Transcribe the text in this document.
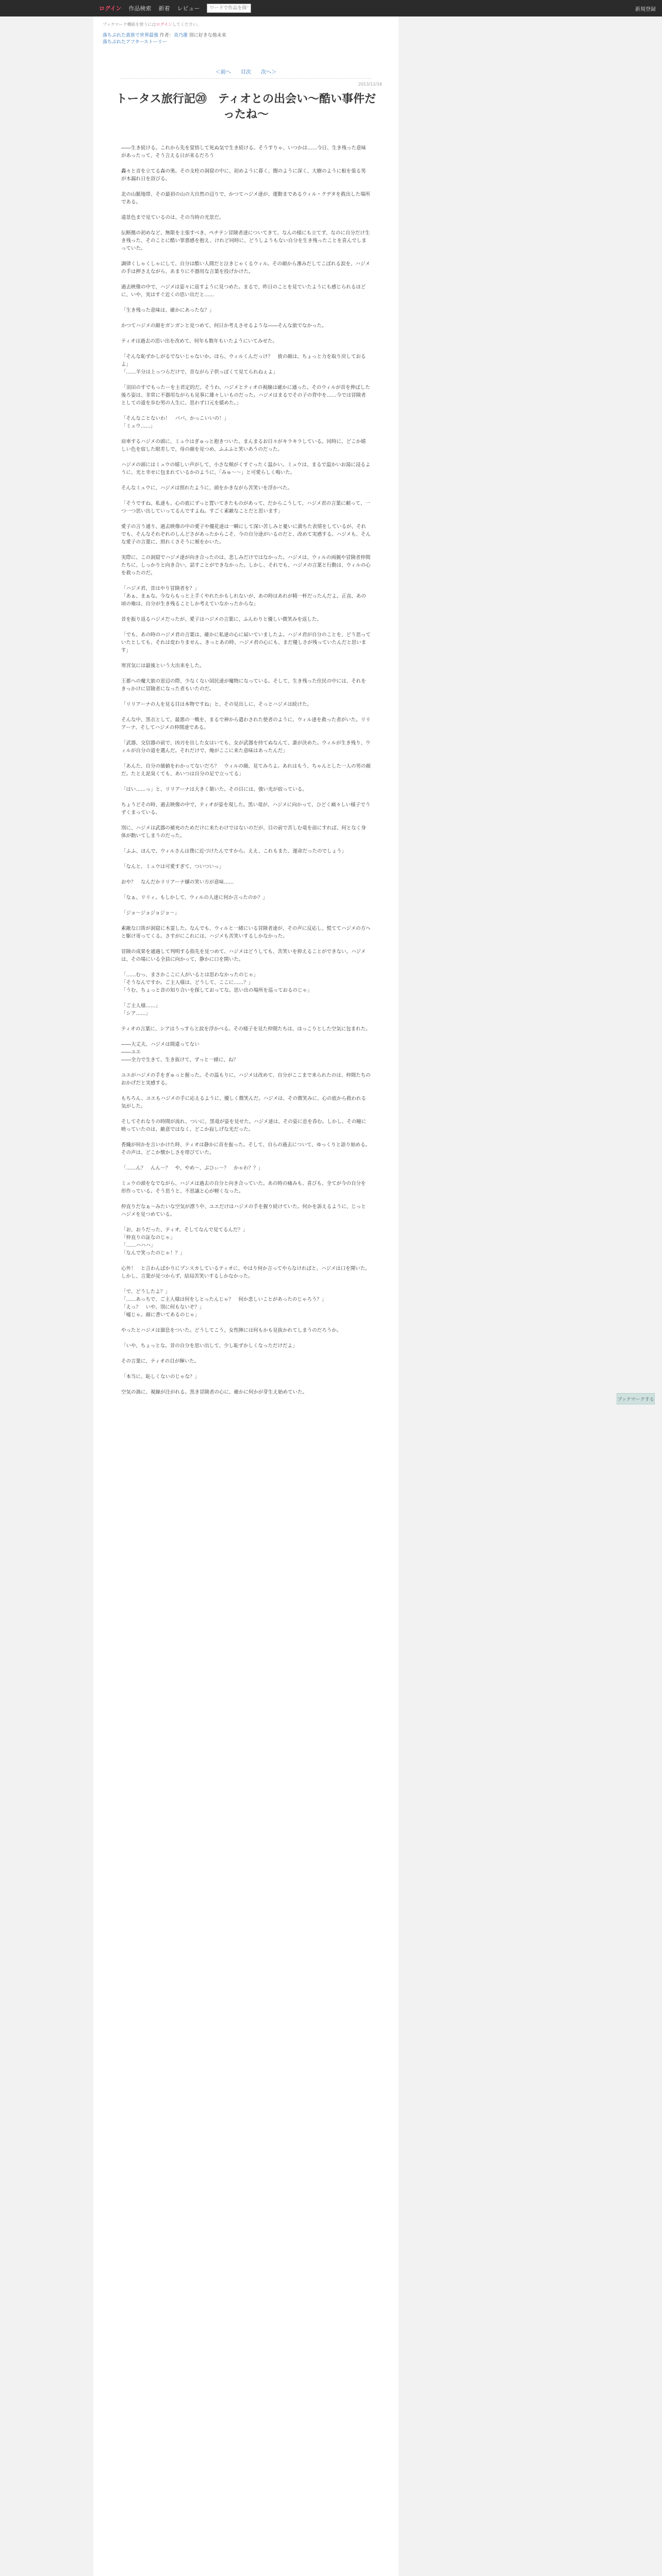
ログイン 作品検索 新着 レビュー
ワードで作品を探す	新規登録
ブックマーク機能を使うにはログインしてください。
落ちぶれた貴族で世界最強 作者：炎乃蓮 別に好きな他未来
落ちぶれたアフターストーリー
＜前へ 目次 次へ＞
2013/12/16
トータス旅行記⑳　ティオとの出会い～酷い事件だったね～

――生き続ける。これから先を覚悟して死ぬ気で生き続ける。そうすりゃ、いつかは……今日、生き残った意味があったって、そう言える日が来るだろう

轟々と音を立てる森の奥。その支柱の洞窟の中に、初めように暮く、闇のように深く、大樹のように根を張る男が木漏れ日を浴びる。

北の山脈地帯、その最初の山の大自然の辺りで、かつてハジメ達が、運動まであるウィル・クデタを救出した場所である。

遠景色まで見ているのは、その当時の光景だ。

伝断拠の初めなど、無限を主張すべき、ペチテン冒険者達についてきて、なんの様にも立てず、なのに自分だけ生き残った、そのことに酷い罪悪感を抱え、けれど同時に、どうしようもない自分を生き残ったことを喜んでしまっていた。

調律くしゃくしゃにして、自分は酷い人間だと泣きじゃくるウィル。その顔から滲みだしてこぼれる涙を、ハジメの手は押さえながら、あまりに不器用な言葉を投げかけた。

過去映像の中で、ハジメは姿々に返すように見つめた。まるで、昨日のことを見ていたようにも感じられるほどに、いや、実はすぐ近くの思い出だと……

「生き残った意味は、確かにあったな？」

かつてハジメの顔をガンガンと見つめて、何日か考えさせるような――そんな旅でなかった。

ティオは過去の思い出を改めて、何年も数年もいたようにいてみせた。

「そんな恥ずかしがるでないじゃないか。ほら、ウィルくんだっけ？　彼の顔は、ちょっと力を取り戻しておるよ」
「……羊分は上っつらだけで、昔ながら子供っぽくて見てられねぇよ」

「羽田のすでもったーを主君定的だ。そうわ、ハジメとティオの視線は確かに通った。そのウィルが首を伸ばした後ろ姿は、非常に不器用ながらも見事に雄々しいものだった。ハジメはまるでその子の背中を……今では冒険者としての道を歩む男の人生に、思わず口元を緩めた。」

「そんなことないわ！　パパ、かっこいいの！」
「ミュウ……」

肩車するハジメの頭に、ミュウはぎゅっと抱きついた。まんまるお目々がキラキラしている。同時に、どこか嬉しい色を宿した眼差しで、母の顔を見つめ、ふふふと笑いあうのだった。

ハジメの頭にはミュウの嬉しい声がして、小さな頬がくすぐったく温かい。ミュウは、まるで温かいお湯に浸るように、光と幸せに包まれているかのように、「みゅ～～」と可愛らしく鳴いた。

そんなミュウに、ハジメは照れたように、頭をかきながら苦笑いを浮かべた。

「そうですね、私達も、心の底にずっと置いてきたものがあって、だからこうして、ハジメ君の言葉に頼って、一つ一つ思い出していってるんですよね。すごく素敵なことだと思います」

愛子の言う通り、過去映像の中の愛子や優花達は一瞬にして深い苦しみと憂いに満ちた表情をしているが、それでも、そんなそれぞれのしんどさがあったからこそ、今の自分達がいるのだと、改めて実感する。ハジメも、そんな愛子の言葉に、照れくさそうに頬をかいた。

実際に、この洞窟でハジメ達が向き合ったのは、悲しみだけではなかった。ハジメは、ウィルの両親や冒険者仲間たちに、しっかりと向き合い、話すことができなかった。しかし、それでも、ハジメの言葉と行動は、ウィルの心を救ったのだ。

「ハジメ君、昔はやり冒険者を？」
「あぁ、まぁな。今ならもっと上手くやれたかもしれないが、あの時はあれが精一杯だったんだよ。正直、あの頃の俺は、自分が生き残ることしか考えていなかったからな」

昔を振り返るハジメだったが、愛子はハジメの言葉に、ふんわりと優しい微笑みを返した。

「でも、あの時のハジメ君の言葉は、確かに私達の心に届いていましたよ。ハジメ君が自分のことを、どう思っていたとしても、それは変わりません。きっとあの時、ハジメ君の心にも、まだ優しさが残っていたんだと思います」

寒宮気には最後という大出来をした。

王都への魔大旅の窓辺の際、少なくない国民達が魔物になっている。そして、生き残った住民の中には、それをきっかけに冒険者になった者もいたのだ。

「リリアーナの人を見る目は本物ですね」と、その見出しに、そっとハジメは続けた。

そんな中、黒衣として、最悪の一戦を、まるで神から遣わされた使者のように、ウィル達を救った者がいた。リリアーナ、そしてハジメの仲間達である。

「武器、交信器の前で、凶刃を出した女はいても、女が武器を持てぬなんて、誰が決めた。ウィルが生き残り、ウィルが自分の道を選んだ。それだけで、俺がここに来た意味はあったんだ」

「あんた、自分の価値をわかってないだろ？　ウィルの顔、見てみろよ。あれはもう、ちゃんとした一人の男の顔だ。たとえ泥臭くても、あいつは自分の足で立ってる」

「はい……っ」と、リリアーナは大きく頷いた。その目には、強い光が宿っている。

ちょうどその時、過去映像の中で、ティオが姿を現した。黒い竜が、ハジメに向かって、ひどく痛々しい様子でうずくまっている。

別に、ハジメは武器の補充のためだけに来たわけではないのだが、目の前で苦しむ竜を前にすれば、何となく身体が動いてしまうのだった。

「ふふ、ほんで、ウィルさんは僕に近づけたんですから。ええ、これもまた、運命だったのでしょう」

「なんと、ミュウは可愛すぎて、ついついっ」

おや？　なんだかリリアーナ嬢の笑い方が意味……

「なぁ、リリィ。もしかして、ウィルの人達に何か言ったのか？」

「ジョ～ジョジョジョ～」

素敵な口笛が洞窟に木霊した。なんでも、ウィルと一緒にいる冒険者達が、その声に反応し、慌ててハジメの方へと駆け寄ってくる。さすがにこれには、ハジメも苦笑いするしかなかった。

冒険の成果を通過して判明する指先を見つめて、ハジメはどうしても、苦笑いを抑えることができない。ハジメは、その場にいる全員に向かって、静かに口を開いた。

「……むっ、まさかここに人がいるとは思わなかったのじゃ」
「そうなんですか。ご主人様は、どうして、ここに……？」
「うむ、ちょっと昔の知り合いを探しておってな。思い出の場所を巡っておるのじゃ」

「ご主人様……」
「シア……」

ティオの言葉に、シアはうっすらと涙を浮かべる。その様子を見た仲間たちは、ほっこりとした空気に包まれた。

――大丈夫、ハジメは間違ってない
――ユエ
――全力で生きて、生き抜けて、ずっと一緒に、ね？

ユエがハジメの手をぎゅっと握った。その温もりに、ハジメは改めて、自分がここまで来られたのは、仲間たちのおかげだと実感する。

もちろん、ユエもハジメの手に応えるように、優しく微笑んだ。ハジメは、その微笑みに、心の底から救われる気がした。

そしてそれなりの時間が流れ、ついに、黒竜が姿を見せた。ハジメ達は、その姿に息を呑む。しかし、その瞳に映っていたのは、敵意ではなく、どこか寂しげな光だった。

香織が何かを言いかけた時、ティオは静かに首を振った。そして、自らの過去について、ゆっくりと語り始める。その声は、どこか懐かしさを帯びていた。

「……ん？　んん～？　や、やめ～、ぶひぃ～？　かゃわ？？」

ミュウの頭をなでながら、ハジメは過去の自分と向き合っていた。あの時の痛みも、喜びも、全てが今の自分を形作っている。そう思うと、不思議と心が軽くなった。

仲直りだなぁ～みたいな空気が漂う中、ユエだけはハジメの手を握り続けていた。何かを訴えるように、じっとハジメを見つめている。

「お、おうだった、ティオ、そしてなんで見てるんだ？」
「仲直りの証なのじゃ」
「……ハハハ」
「なんで笑ったのじゃ！？」

心外！　と言わんばかりにプンスカしているティオに、やはり何か言ってやらなければと、ハジメは口を開いた。しかし、言葉が見つからず、結局苦笑いするしかなかった。

「で、どうしたよ？」
「……あっちで、ご主人様は何をしとったんじゃ？　何か悲しいことがあったのじゃろう？」
「えっ？　いや、別に何もないぞ？」
「嘘じゃ。顔に書いてあるのじゃ」

やったとハジメは溜息をついた。どうしてこう、女性陣には何もかも見抜かれてしまうのだろうか。

「いや、ちょっとな。昔の自分を思い出して、少し恥ずかしくなっただけだよ」

その言葉に、ティオの目が輝いた。

「本当に、恥しくないのじゃな？」

空気の渦に、視線が注がれる。黒き冒険者の心に、確かに何かが芽生え始めていた。

ブックマークする
